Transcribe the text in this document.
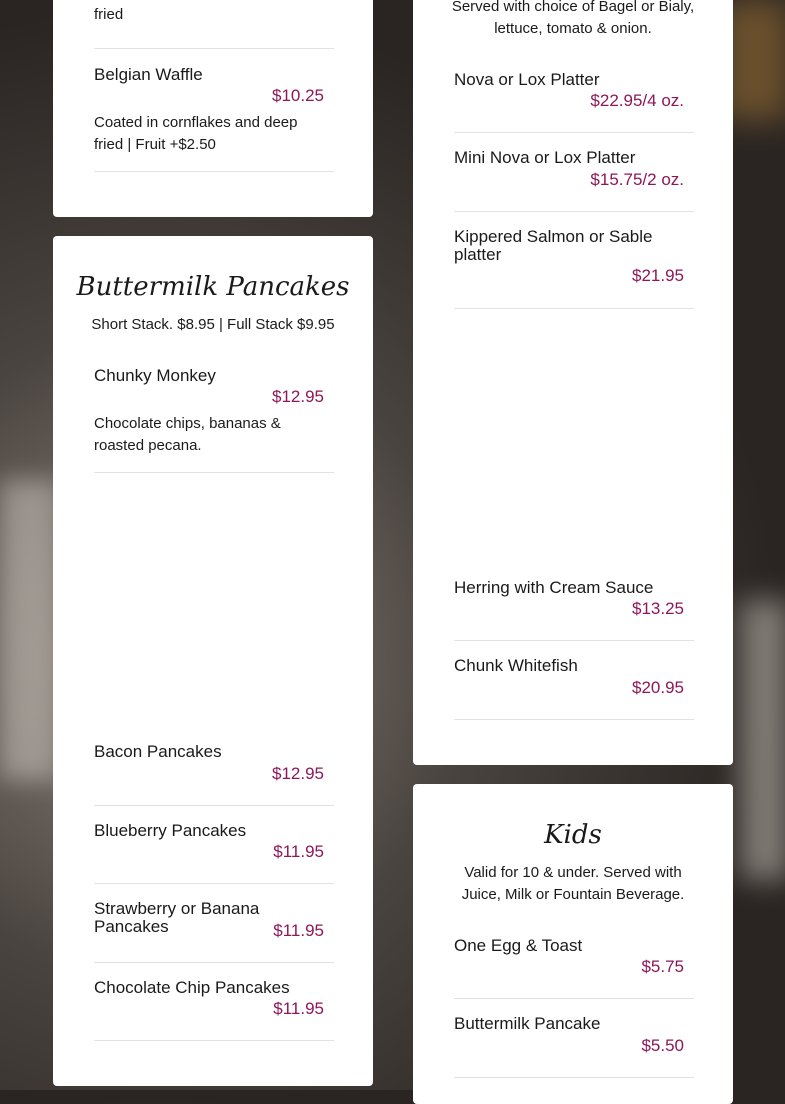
fried
Belgian Waffle
$10.25
Coated in cornflakes and deep fried | Fruit +$2.50
Buttermilk Pancakes
Short Stack. $8.95 | Full Stack $9.95
Chunky Monkey
$12.95
Chocolate chips, bananas & roasted pecana.
Bacon Pancakes
$12.95
Blueberry Pancakes
$11.95
Strawberry or Banana Pancakes	$11.95
Chocolate Chip Pancakes
$11.95
Served with choice of Bagel or Bialy, lettuce, tomato & onion.
Nova or Lox Platter
$22.95/4 oz.
Mini Nova or Lox Platter
$15.75/2 oz.
Kippered Salmon or Sable platter
$21.95
Herring with Cream Sauce
$13.25
Chunk Whitefish
$20.95
Kids
Valid for 10 & under. Served with Juice, Milk or Fountain Beverage.
One Egg & Toast
$5.75
Buttermilk Pancake
$5.50
